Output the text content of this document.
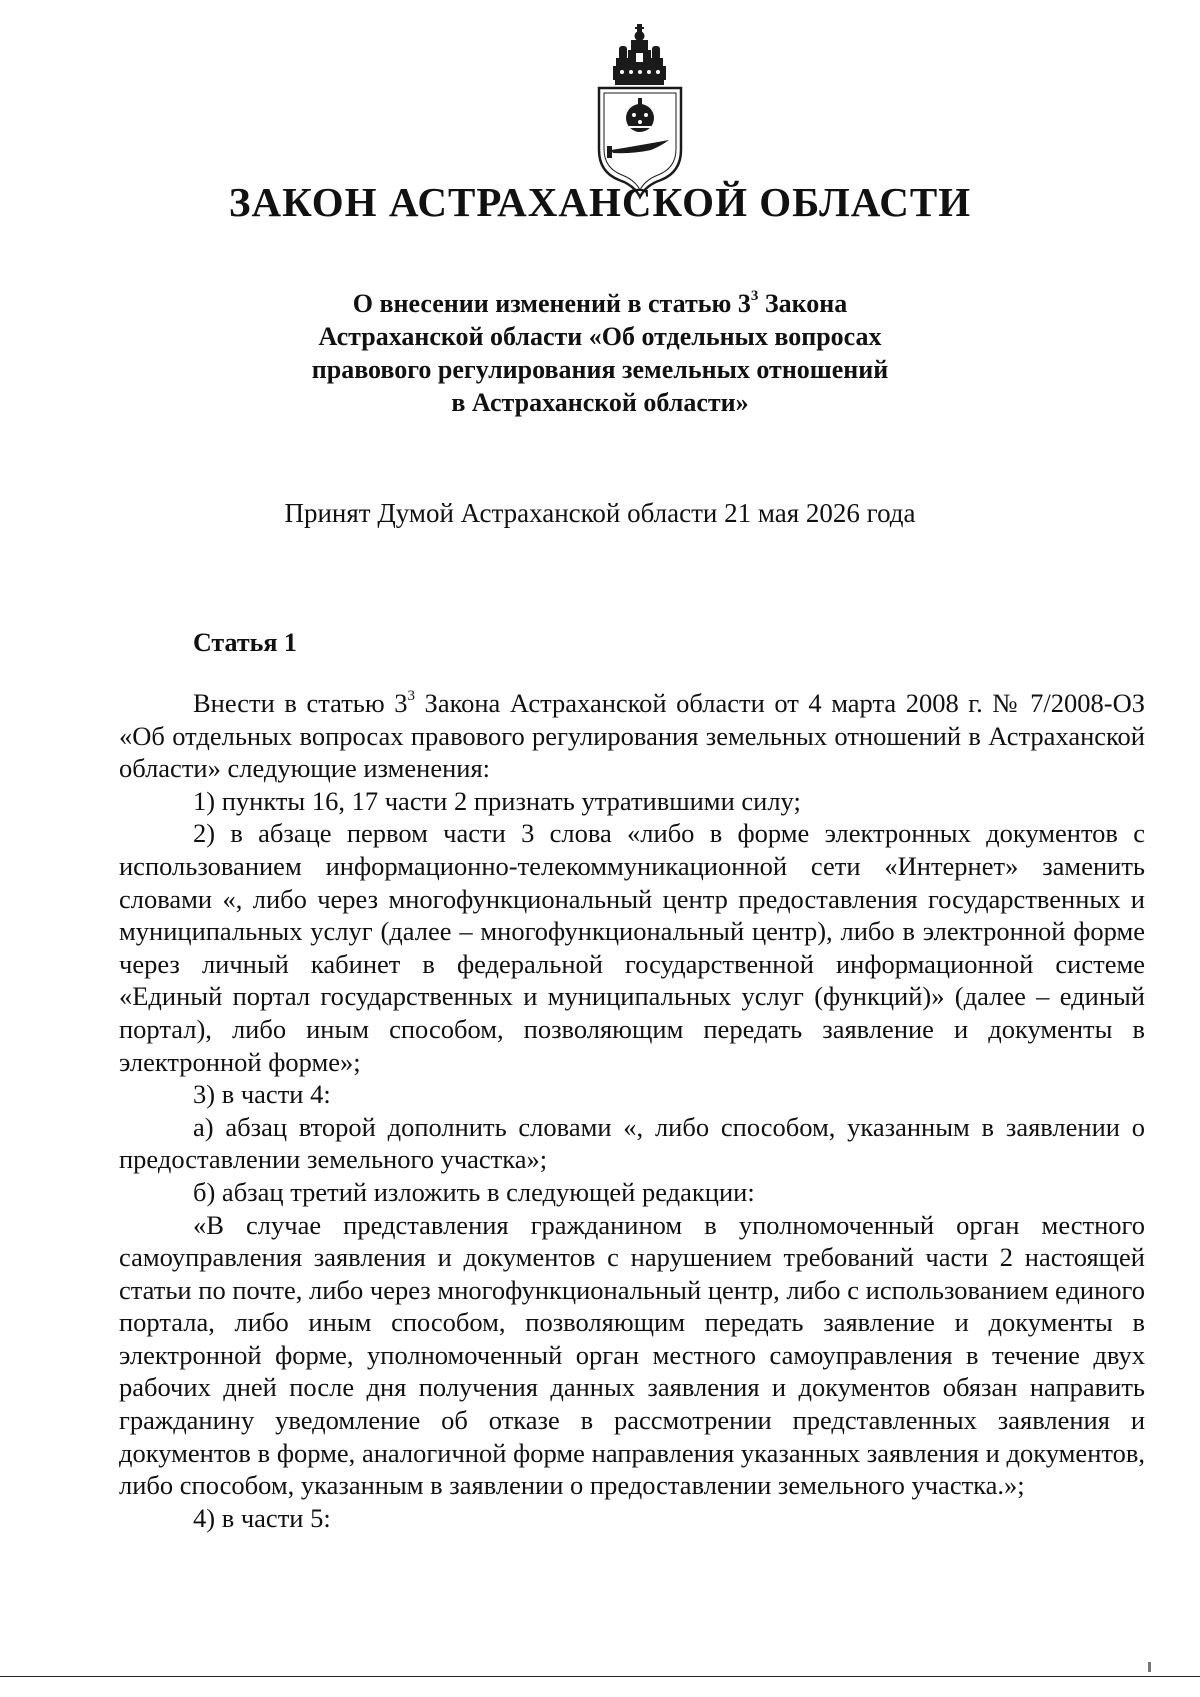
ЗАКОН АСТРАХАНСКОЙ ОБЛАСТИ
О внесении изменений в статью $3^3$ Закона
Астраханской области «Об отдельных вопросах
правового регулирования земельных отношений
в Астраханской области»

Принят Думой Астраханской области 21 мая 2026 года

Статья 1

Внести в статью $3^3$ Закона Астраханской области от 4 марта 2008 г. № 7/2008-ОЗ «Об отдельных вопросах правового регулирования земельных отношений в Астраханской области» следующие изменения:

1) пункты 16, 17 части 2 признать утратившими силу;

2) в абзаце первом части 3 слова «либо в форме электронных документов с использованием информационно-телекоммуникационной сети «Интернет» заменить словами «, либо через многофункциональный центр предоставления государственных и муниципальных услуг (далее – многофункциональный центр), либо в электронной форме через личный кабинет в федеральной государственной информационной системе «Единый портал государственных и муниципальных услуг (функций)» (далее – единый портал), либо иным способом, позволяющим передать заявление и документы в электронной форме»;

3) в части 4:

а) абзац второй дополнить словами «, либо способом, указанным в заявлении о предоставлении земельного участка»;

б) абзац третий изложить в следующей редакции:

«В случае представления гражданином в уполномоченный орган местного самоуправления заявления и документов с нарушением требований части 2 настоящей статьи по почте, либо через многофункциональный центр, либо с использованием единого портала, либо иным способом, позволяющим передать заявление и документы в электронной форме, уполномоченный орган местного самоуправления в течение двух рабочих дней после дня получения данных заявления и документов обязан направить гражданину уведомление об отказе в рассмотрении представленных заявления и документов в форме, аналогичной форме направления указанных заявления и документов, либо способом, указанным в заявлении о предоставлении земельного участка.»;

4) в части 5:
